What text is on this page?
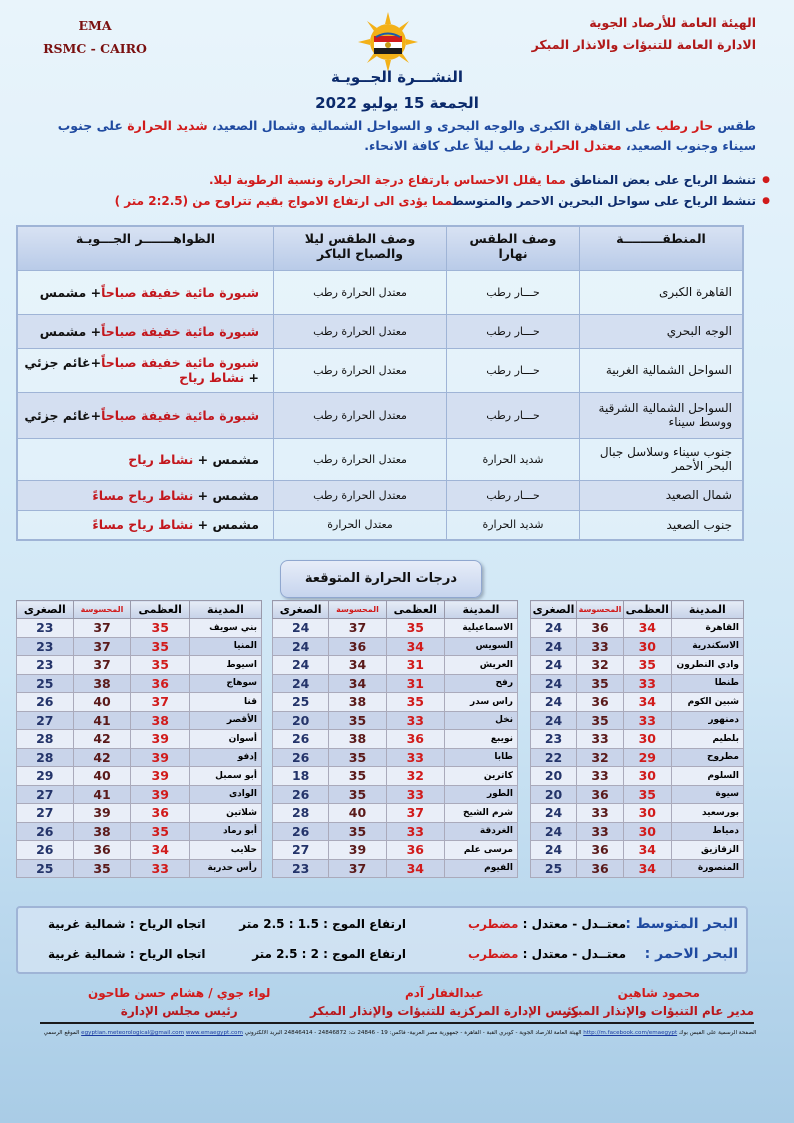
EMA
RSMC - CAIRO
الهيئة العامة للأرصاد الجوية
الادارة العامة للتنبؤات والانذار المبكر
النشـــرة الجــويـة
الجمعة 15 يوليو 2022
طقس حار رطب على القاهرة الكبرى والوجه البحرى و السواحل الشمالية وشمال الصعيد، شديد الحرارة على جنوب سيناء وجنوب الصعيد، معتدل الحرارة رطب ليلاً على كافة الانحاء.
● تنشط الرياح على بعض المناطق مما يقلل الاحساس بارتفاع درجة الحرارة ونسبة الرطوبة ليلا.
● تنشط الرياح على سواحل البحرين الاحمر والمتوسطمما يؤدى الى ارتفاع الامواج بقيم تتراوح من (2:2.5 متر )
المنطقـــــــــة	وصف الطقس نهارا	وصف الطقس ليلا والصباح الباكر	الظواهـــــــر الجـــويـة
القاهرة الكبرى	حـــار رطب	معتدل الحرارة رطب	شبورة مائية خفيفة صباحاً+ مشمس
الوجه البحري	حـــار رطب	معتدل الحرارة رطب	شبورة مائية خفيفة صباحاً+ مشمس
السواحل الشمالية الغربية	حـــار رطب	معتدل الحرارة رطب	شبورة مائية خفيفة صباحاً+غائم جزئي + نشاط رياح
السواحل الشمالية الشرقية ووسط سيناء	حـــار رطب	معتدل الحرارة رطب	شبورة مائية خفيفة صباحاً+غائم جزئي
جنوب سيناء وسلاسل جبال البحر الأحمر	شديد الحرارة	معتدل الحرارة رطب	مشمس + نشاط رياح
شمال الصعيد	حـــار رطب	معتدل الحرارة رطب	مشمس + نشاط رياح مساءً
جنوب الصعيد	شديد الحرارة	معتدل الحرارة	مشمس + نشاط رياح مساءً
درجات الحرارة المتوقعة
المدينة	العظمى	المحسوسة	الصغرى
القاهرة	34	36	24
الاسكندرية	30	33	24
وادي النطرون	35	32	24
طنطا	33	35	24
شبين الكوم	34	36	24
دمنهور	33	35	24
بلطيم	30	33	23
مطروح	29	32	22
السلوم	30	33	20
سيوة	35	36	20
بورسعيد	30	33	24
دمياط	30	33	24
الزقازيق	34	36	24
المنصورة	34	36	25
المدينة	العظمى	المحسوسة	الصغرى
الاسماعيلية	35	37	24
السويس	34	36	24
العريش	31	34	24
رفح	31	34	24
راس سدر	35	38	25
نخل	33	35	20
نويبع	36	38	26
طابا	33	35	26
كاترين	32	35	18
الطور	33	35	26
شرم الشيخ	37	40	28
الغردقة	33	35	26
مرسى علم	36	39	27
الفيوم	34	37	23
المدينة	العظمى	المحسوسة	الصغرى
بني سويف	35	37	23
المنيا	35	37	23
اسيوط	35	37	23
سوهاج	36	38	25
قنا	37	40	26
الأقصر	38	41	27
أسوان	39	42	28
إدفو	39	42	28
أبو سمبل	39	40	29
الوادى	39	41	27
شلاتين	36	39	27
أبو رماد	35	38	26
حلايب	34	36	26
رأس حدربة	33	35	25
البحر المتوسط :
معتــدل - معتدل : مضطرب
ارتفاع الموج : 1.5 : 2.5 متر
اتجاه الرياح : شمالية غربية
البحر الاحمر :
معتــدل - معتدل : مضطرب
ارتفاع الموج : 2 : 2.5 متر
اتجاه الرياح : شمالية غربية
محمود شاهين
مدير عام التنبؤات والإنذار المبكر
عبدالغفار آدم
رئيس الإدارة المركزية للتنبؤات والإنذار المبكر
لواء جوي / هشام حسن طاحون
رئيس مجلس الإدارة
الصفحة الرسمية على الفيس بوك http://m.facebook.com/emaegypt الهيئة العامة للأرصاد الجوية - كوبري القبة - القاهرة - جمهورية مصر العربية- فاكس: 19 - 24846 ت: 24846872 - 24846414 البريد الالكتروني egyptian.meteorological@gmail.com www.emaegypt.com الموقع الرسمي
